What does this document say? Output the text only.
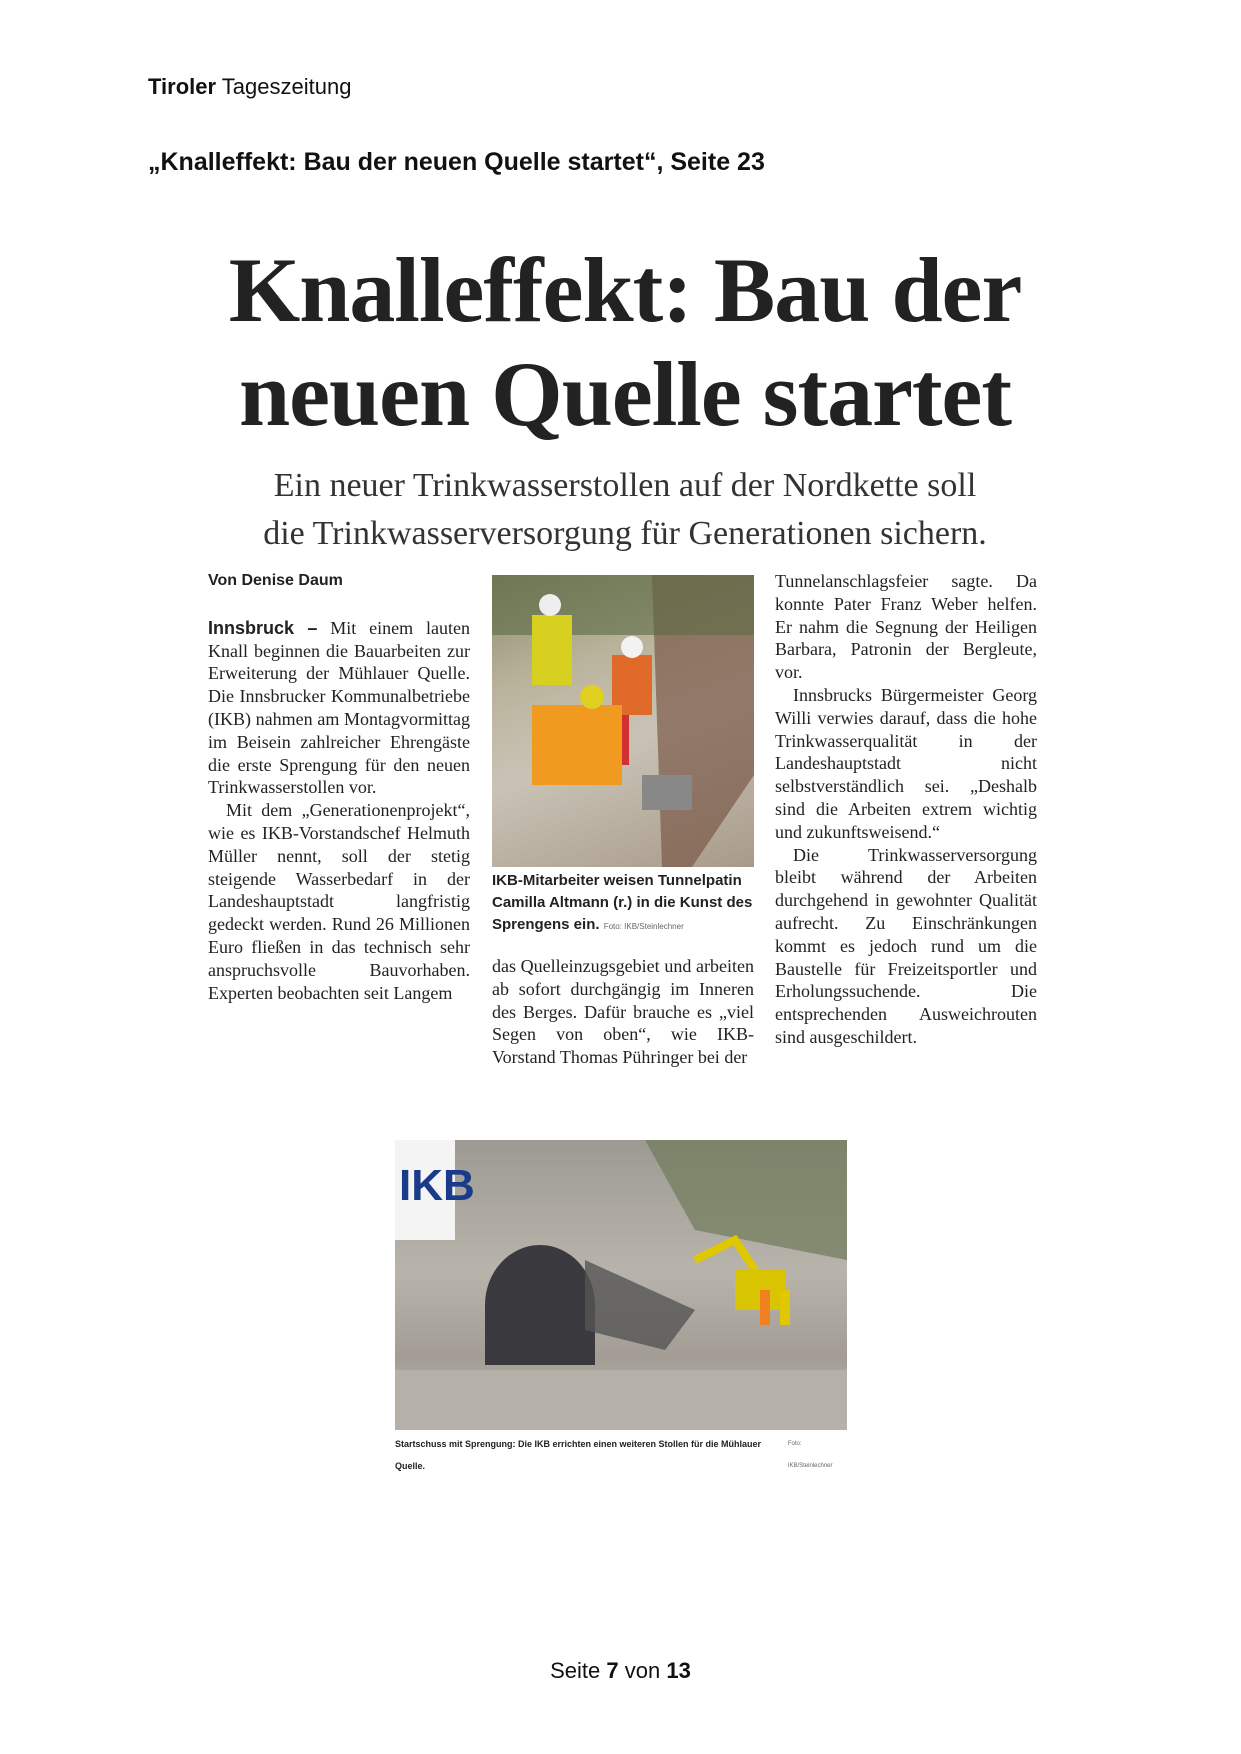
Tiroler Tageszeitung
„Knalleffekt: Bau der neuen Quelle startet“, Seite 23
Knalleffekt: Bau der
neuen Quelle startet
Ein neuer Trinkwasserstollen auf der Nordkette soll
die Trinkwasserversorgung für Generationen sichern.

Von Denise Daum

Innsbruck – Mit einem lauten Knall beginnen die Bauarbeiten zur Erweiterung der Mühlauer Quelle. Die Innsbrucker Kommunalbetriebe (IKB) nahmen am Montagvormittag im Beisein zahlreicher Ehrengäste die erste Sprengung für den neuen Trinkwasserstollen vor.

Mit dem „Generationenprojekt“, wie es IKB-Vorstandschef Helmuth Müller nennt, soll der stetig steigende Wasserbedarf in der Landeshauptstadt langfristig gedeckt werden. Rund 26 Millionen Euro fließen in das technisch sehr anspruchsvolle Bauvorhaben. Experten beobachten seit Langem

IKB-Mitarbeiter weisen Tunnelpatin Camilla Altmann (r.) in die Kunst des Sprengens ein. Foto: IKB/Steinlechner

das Quelleinzugsgebiet und arbeiten ab sofort durchgängig im Inneren des Berges. Dafür brauche es „viel Segen von oben“, wie IKB-Vorstand Thomas Pühringer bei der

Tunnelanschlagsfeier sagte. Da konnte Pater Franz Weber helfen. Er nahm die Segnung der Heiligen Barbara, Patronin der Bergleute, vor.

Innsbrucks Bürgermeister Georg Willi verwies darauf, dass die hohe Trinkwasserqualität in der Landeshauptstadt nicht selbstverständlich sei. „Deshalb sind die Arbeiten extrem wichtig und zukunftsweisend.“

Die Trinkwasserversorgung bleibt während der Arbeiten durchgehend in gewohnter Qualität aufrecht. Zu Einschränkungen kommt es jedoch rund um die Baustelle für Freizeitsportler und Erholungssuchende. Die entsprechenden Ausweichrouten sind ausgeschildert.

IKB
Startschuss mit Sprengung: Die IKB errichten einen weiteren Stollen für die Mühlauer Quelle.
Foto: IKB/Steinlechner
Seite 7 von 13
